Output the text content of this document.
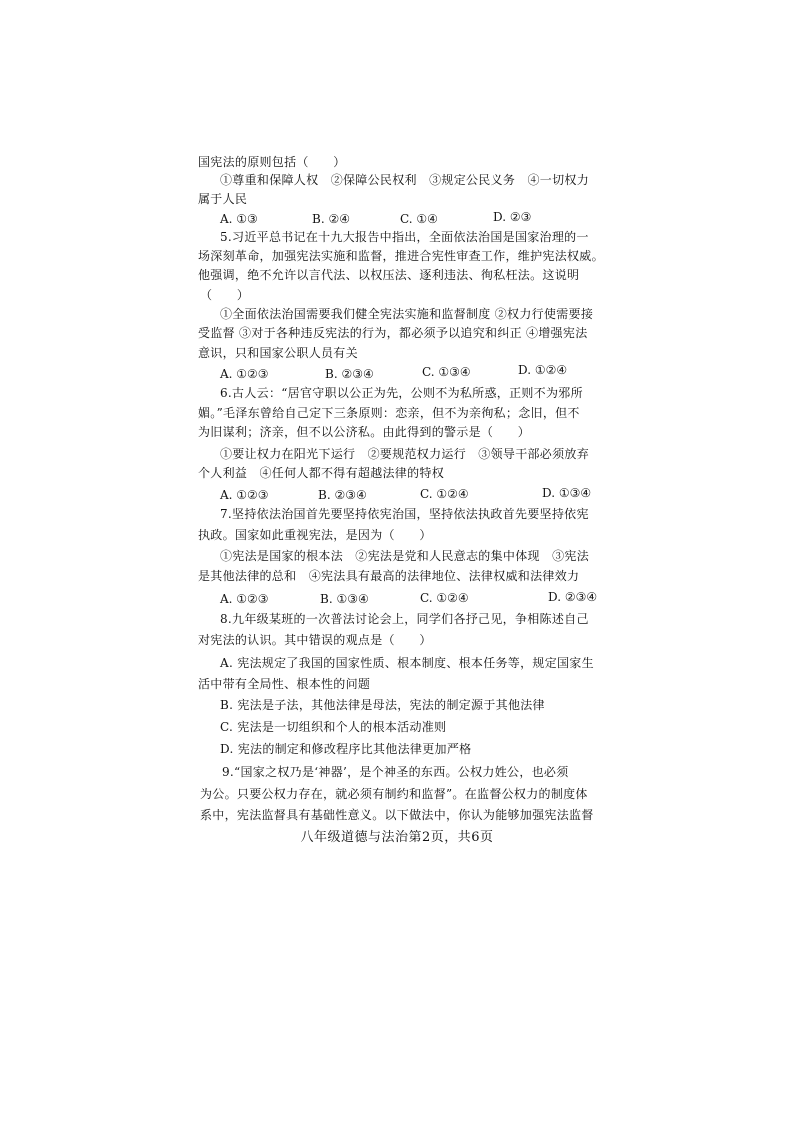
国宪法的原则包括（　　）
①尊重和保障人权　②保障公民权利　③规定公民义务　④一切权力
属于人民
A. ①③	B. ②④	C. ①④	D. ②③
5.习近平总书记在十九大报告中指出，全面依法治国是国家治理的一
场深刻革命，加强宪法实施和监督，推进合宪性审查工作，维护宪法权威。
他强调，绝不允许以言代法、以权压法、逐利违法、徇私枉法。这说明
（　　）
①全面依法治国需要我们健全宪法实施和监督制度 ②权力行使需要接
受监督 ③对于各种违反宪法的行为，都必须予以追究和纠正 ④增强宪法
意识，只和国家公职人员有关
A. ①②③	B. ②③④	C. ①③④	D. ①②④
6.古人云：“居官守职以公正为先，公则不为私所惑，正则不为邪所
媚。”毛泽东曾给自己定下三条原则：恋亲，但不为亲徇私；念旧，但不
为旧谋利；济亲，但不以公济私。由此得到的警示是（　　）
①要让权力在阳光下运行　②要规范权力运行　③领导干部必须放弃
个人利益　④任何人都不得有超越法律的特权
A. ①②③	B. ②③④	C. ①②④	D. ①③④
7.坚持依法治国首先要坚持依宪治国，坚持依法执政首先要坚持依宪
执政。国家如此重视宪法，是因为（　　）
①宪法是国家的根本法　②宪法是党和人民意志的集中体现　③宪法
是其他法律的总和　④宪法具有最高的法律地位、法律权威和法律效力
A. ①②③	B. ①③④	C. ①②④	D. ②③④
8.九年级某班的一次普法讨论会上，同学们各抒己见，争相陈述自己
对宪法的认识。其中错误的观点是（　　）
A. 宪法规定了我国的国家性质、根本制度、根本任务等，规定国家生
活中带有全局性、根本性的问题
B. 宪法是子法，其他法律是母法，宪法的制定源于其他法律
C. 宪法是一切组织和个人的根本活动准则
D. 宪法的制定和修改程序比其他法律更加严格
9.“国家之权乃是‘神器’，是个神圣的东西。公权力姓公，也必须
为公。只要公权力存在，就必须有制约和监督”。在监督公权力的制度体
系中，宪法监督具有基础性意义。以下做法中，你认为能够加强宪法监督
八年级道德与法治第2页，共6页
